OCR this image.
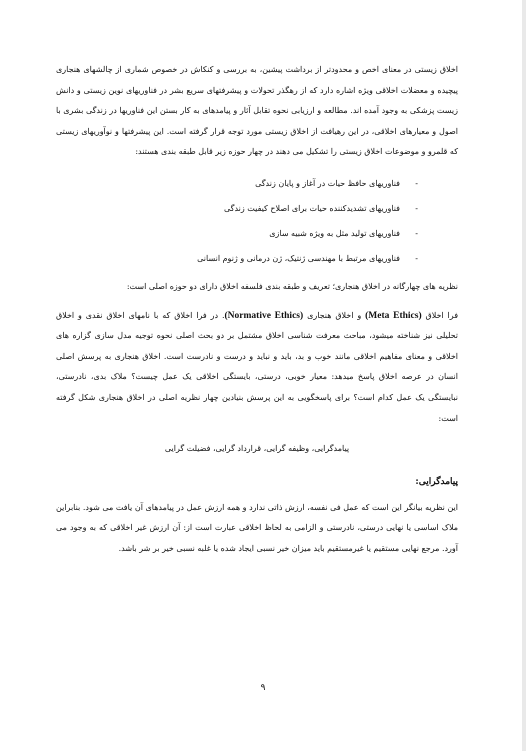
اخلاق زیستی در معنای اخص و محدودتر از برداشت پیشین، به بررسی و کنکاش در خصوص شماری از چالشهای هنجاری پیچیده و معضلات اخلاقی ویژه اشاره دارد که از رهگذر تحولات و پیشرفتهای سریع بشر در فناوریهای نوین زیستی و دانش زیست پزشکی به وجود آمده اند. مطالعه و ارزیابی نحوه تقابل آثار و پیامدهای به کار بستن این فناوریها در زندگی بشری با اصول و معیارهای اخلاقی، در این رهیافت از اخلاق زیستی مورد توجه قرار گرفته است. این پیشرفتها و نوآوریهای زیستی که قلمرو و موضوعات اخلاق زیستی را تشکیل می دهند در چهار حوزه زیر قابل طبقه بندی هستند:

-
فناوریهای حافظ حیات در آغاز و پایان زندگی
-
فناوریهای تشدیدکننده حیات برای اصلاح کیفیت زندگی
-
فناوریهای تولید مثل به ویژه شبیه سازی
-
فناوریهای مرتبط با مهندسی ژنتیک، ژن درمانی و ژنوم انسانی

نظریه های چهارگانه در اخلاق هنجاری؛ تعریف و طبقه بندی فلسفه اخلاق دارای دو حوزه اصلی است:

فرا اخلاق (Meta Ethics) و اخلاق هنجاری (Normative Ethics). در فرا اخلاق که با نامهای اخلاق نقدی و اخلاق تحلیلی نیز شناخته میشود، مباحث معرفت شناسی اخلاق مشتمل بر دو بحث اصلی نحوه توجیه مدل سازی گزاره های اخلاقی و معنای مفاهیم اخلاقی مانند خوب و بد، باید و نباید و درست و نادرست است. اخلاق هنجاری به پرسش اصلی انسان در عرصه اخلاق پاسخ میدهد: معیار خوبی، درستی، بایستگی اخلاقی یک عمل چیست؟ ملاک بدی، نادرستی، نبایستگی یک عمل کدام است؟ برای پاسخگویی به این پرسش بنیادین چهار نظریه اصلی در اخلاق هنجاری شکل گرفته است:

پیامدگرایی، وظیفه گرایی، قرارداد گرایی، فضیلت گرایی

پیامدگرایی:

این نظریه بیانگر این است که عمل فی نفسه، ارزش ذاتی ندارد و همه ارزش عمل در پیامدهای آن یافت می شود. بنابراین ملاک اساسی یا نهایی درستی، نادرستی و الزامی به لحاظ اخلاقی عبارت است از: آن ارزش غیر اخلاقی که به وجود می آورد. مرجع نهایی مستقیم یا غیرمستقیم باید میزان خیر نسبی ایجاد شده یا غلبه نسبی خیر بر شر باشد.

۹
